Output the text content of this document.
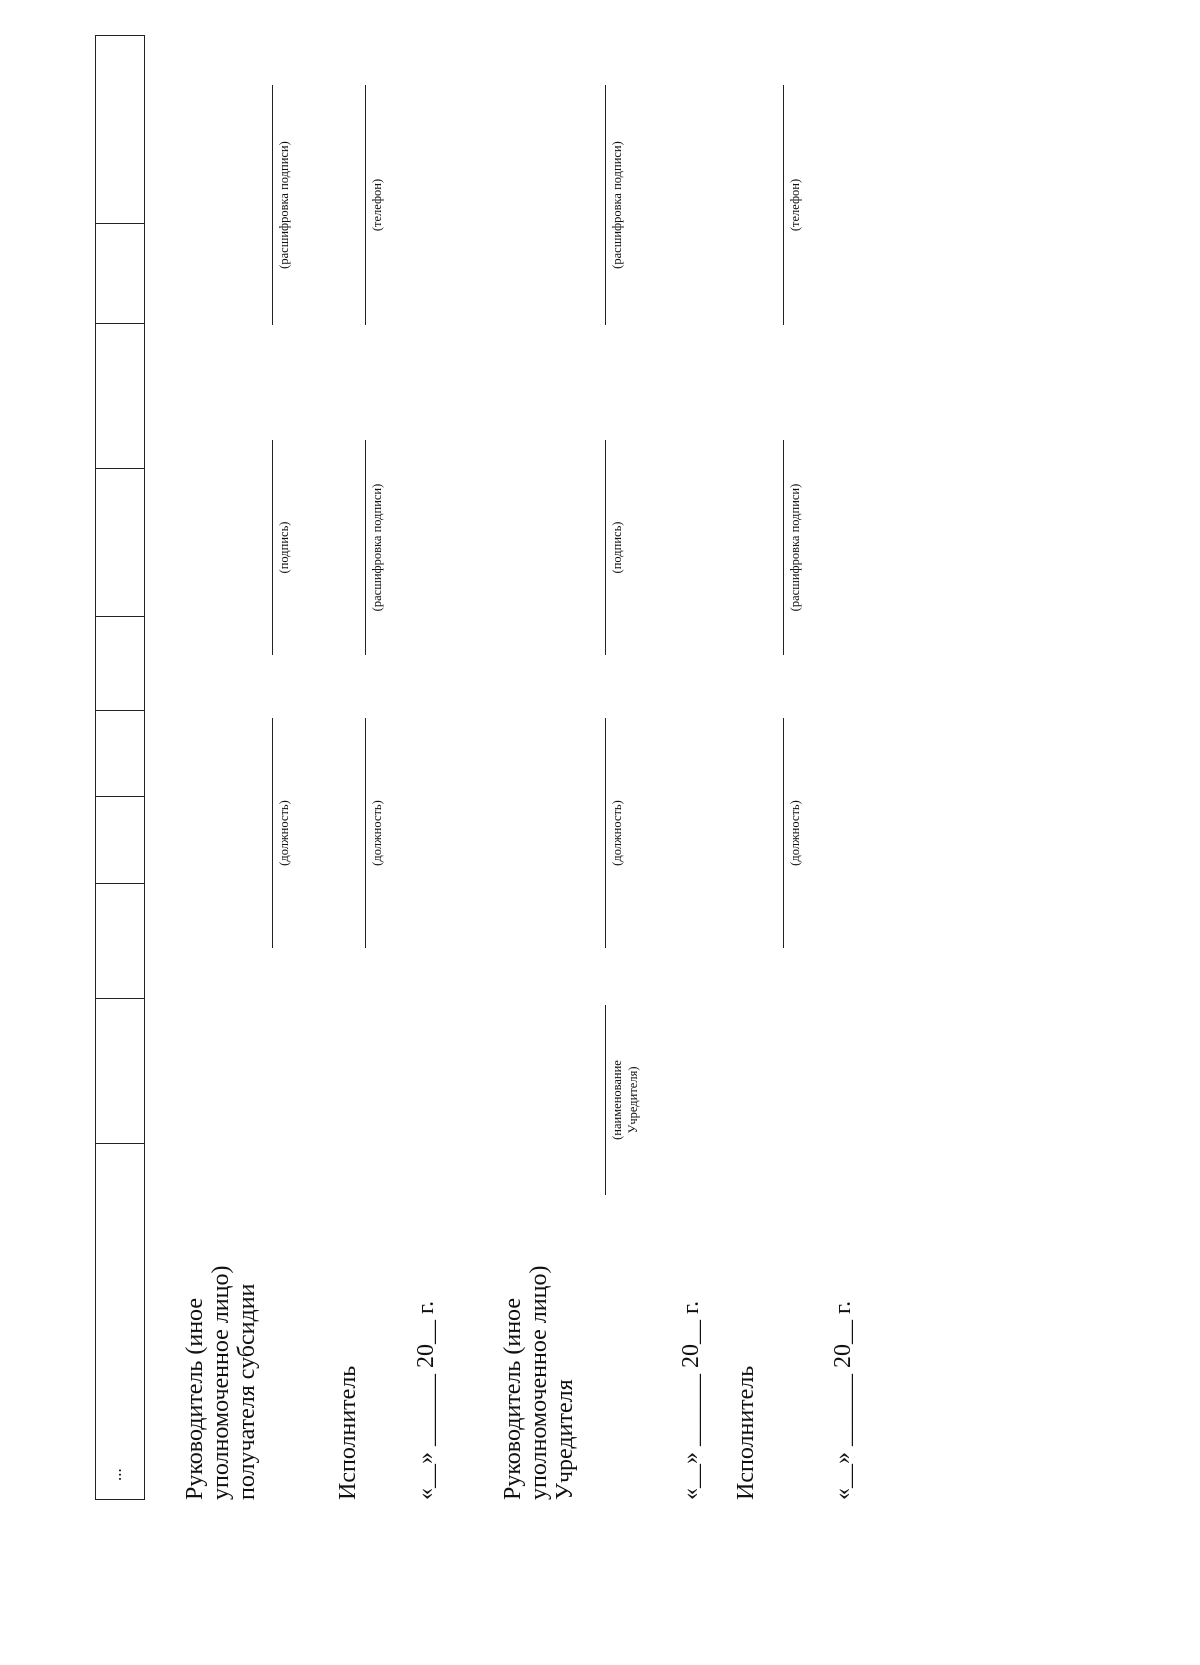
... Руководитель (иное уполномоченное лицо) получателя субсидии
(должность)
(подпись)
(расшифровка подписи)
Исполнитель
(должность)
(расшифровка подписи)
(телефон)
«__» ______ 20__ г.	Руководитель (иное уполномоченное лицо) Учредителя
(наименование Учредителя)
(должность)
(подпись)
(расшифровка подписи)
«__» ______ 20__ г. Исполнитель
(должность)
(расшифровка подписи)
(телефон)
«__» ______ 20__ г.
